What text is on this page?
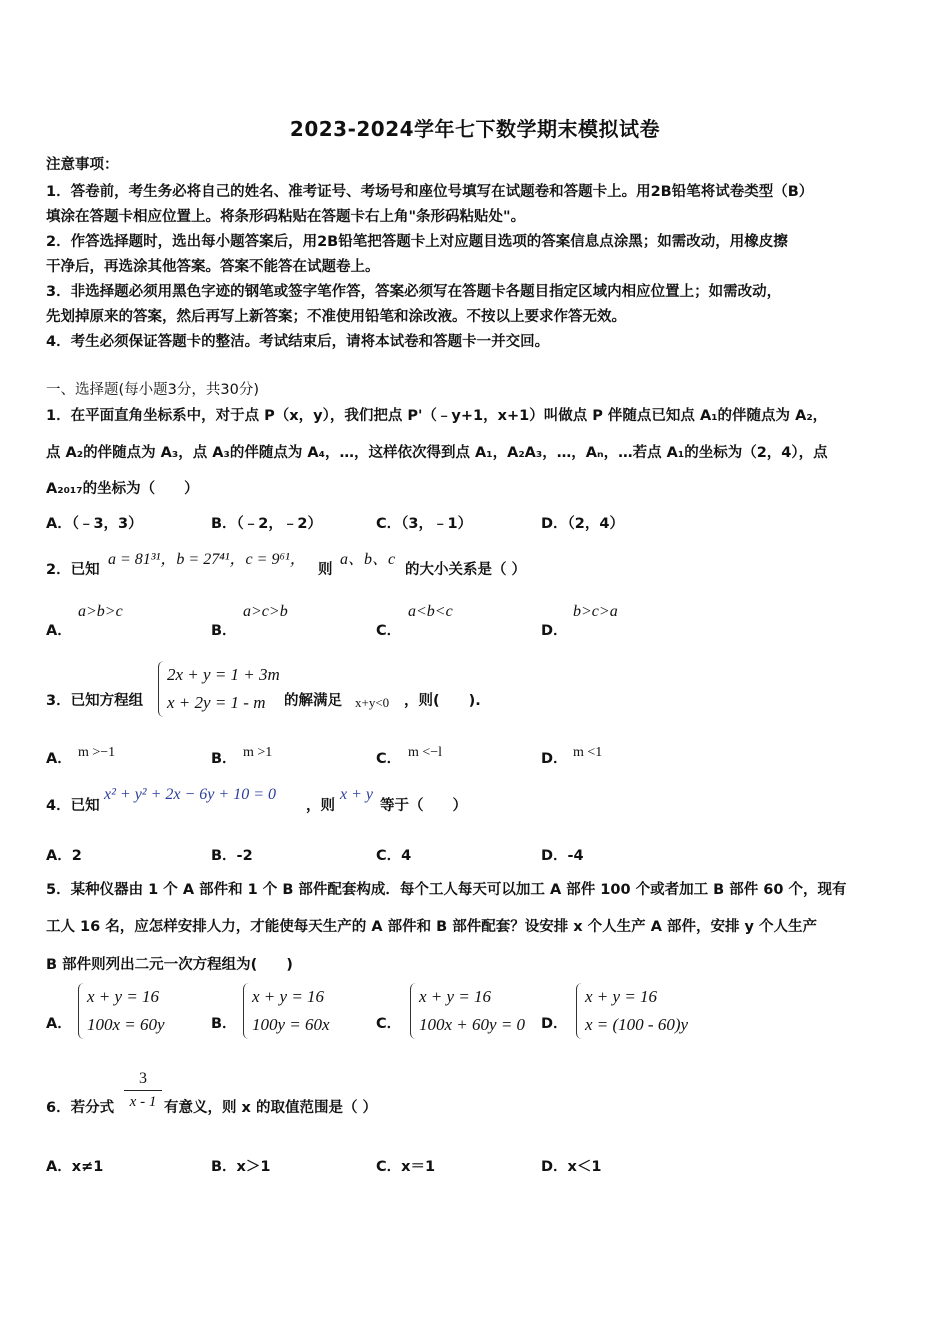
2023-2024学年七下数学期末模拟试卷
注意事项：
1．答卷前，考生务必将自己的姓名、准考证号、考场号和座位号填写在试题卷和答题卡上。用2B铅笔将试卷类型（B）
填涂在答题卡相应位置上。将条形码粘贴在答题卡右上角"条形码粘贴处"。
2．作答选择题时，选出每小题答案后，用2B铅笔把答题卡上对应题目选项的答案信息点涂黑；如需改动，用橡皮擦
干净后，再选涂其他答案。答案不能答在试题卷上。
3．非选择题必须用黑色字迹的钢笔或签字笔作答，答案必须写在答题卡各题目指定区域内相应位置上；如需改动，
先划掉原来的答案，然后再写上新答案；不准使用铅笔和涂改液。不按以上要求作答无效。
4．考生必须保证答题卡的整洁。考试结束后，请将本试卷和答题卡一并交回。
一、选择题(每小题3分，共30分)
1．在平面直角坐标系中，对于点 P（x，y），我们把点 P'（﹣y+1，x+1）叫做点 P 伴随点已知点 A₁的伴随点为 A₂，
点 A₂的伴随点为 A₃，点 A₃的伴随点为 A₄，…，这样依次得到点 A₁，A₂A₃，…，Aₙ，…若点 A₁的坐标为（2，4），点
A₂₀₁₇的坐标为（　　）
A．（﹣3，3）	B．（﹣2，﹣2）	C．（3，﹣1）	D．（2，4）
2．已知
a = 81³¹，b = 27⁴¹，c = 9⁶¹，
则
a、b、c
的大小关系是（ ）
A．
a>b>c
B．
a>c>b
C．
a<b<c
D．
b>c>a
3．已知方程组
2x + y = 1 + 3m
x + 2y = 1 - m	的解满足 x+y<0 ，则(　　).
A． m >−1	B． m >1	C． m <−l	D． m <1
4．已知
x² + y² + 2x − 6y + 10 = 0
，则
x + y
等于（　　）
A．2	B．-2	C．4	D．-4
5．某种仪器由 1 个 A 部件和 1 个 B 部件配套构成．每个工人每天可以加工 A 部件 100 个或者加工 B 部件 60 个，现有
工人 16 名，应怎样安排人力，才能使每天生产的 A 部件和 B 部件配套？设安排 x 个人生产 A 部件，安排 y 个人生产
B 部件则列出二元一次方程组为(　　)
A．
x + y = 16
100x = 60y	B．
x + y = 16
100y = 60x	C．
x + y = 16
100x + 60y = 0 D．
x + y = 16
x = (100 - 60)y
6．若分式
3
x - 1 有意义，则 x 的取值范围是（ ）
A．x≠1	B．x＞1	C．x＝1	D．x＜1
